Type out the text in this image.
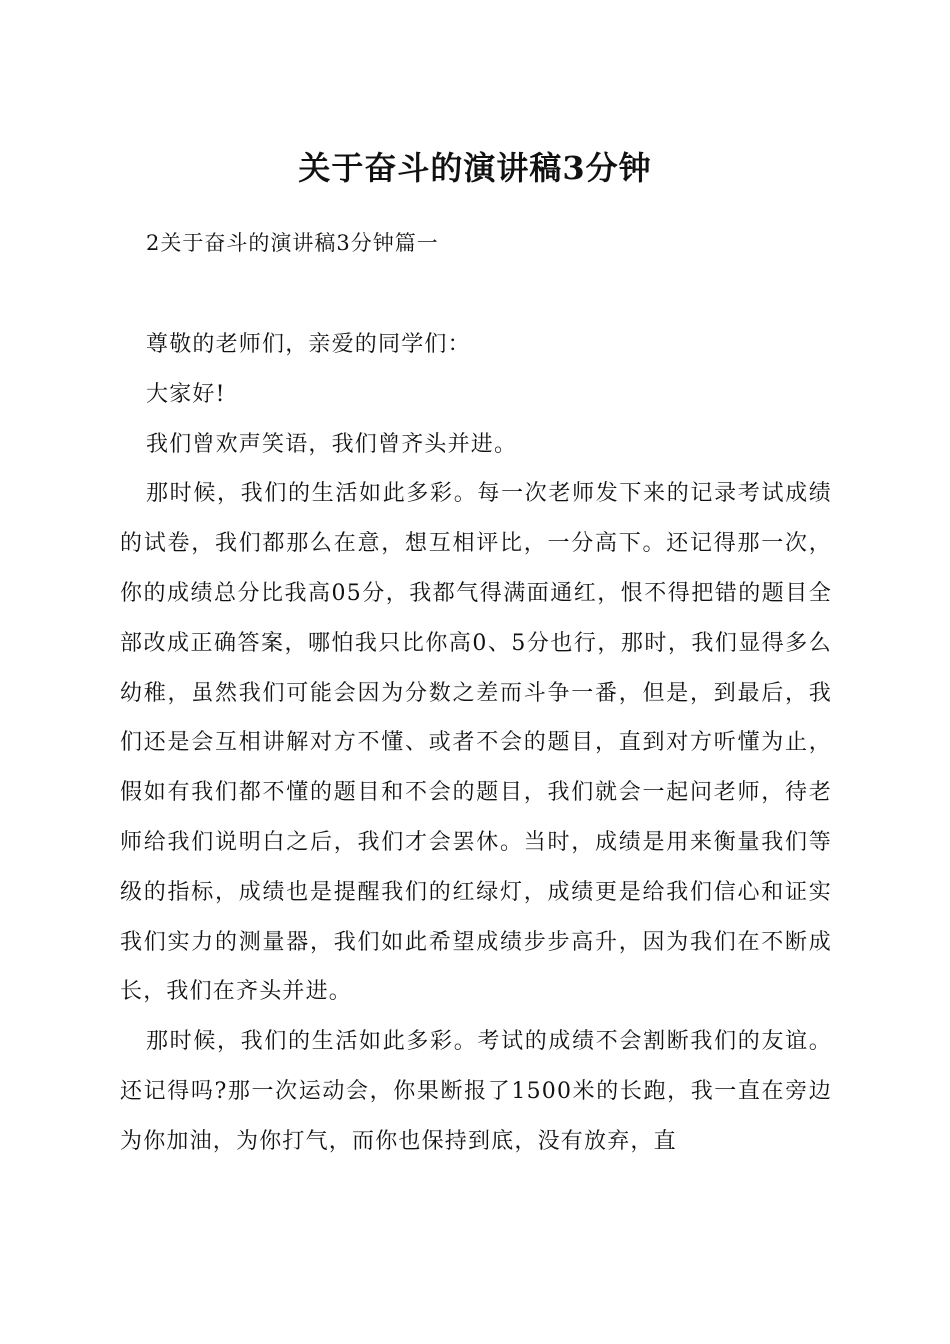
关于奋斗的演讲稿3分钟
2关于奋斗的演讲稿3分钟篇一

尊敬的老师们，亲爱的同学们：

大家好!

我们曾欢声笑语，我们曾齐头并进。

那时候，我们的生活如此多彩。每一次老师发下来的记录考试成绩的试卷，我们都那么在意，想互相评比，一分高下。还记得那一次，你的成绩总分比我高05分，我都气得满面通红，恨不得把错的题目全部改成正确答案，哪怕我只比你高0、5分也行，那时，我们显得多么幼稚，虽然我们可能会因为分数之差而斗争一番，但是，到最后，我们还是会互相讲解对方不懂、或者不会的题目，直到对方听懂为止，假如有我们都不懂的题目和不会的题目，我们就会一起问老师，待老师给我们说明白之后，我们才会罢休。当时，成绩是用来衡量我们等级的指标，成绩也是提醒我们的红绿灯，成绩更是给我们信心和证实我们实力的测量器，我们如此希望成绩步步高升，因为我们在不断成长，我们在齐头并进。

那时候，我们的生活如此多彩。考试的成绩不会割断我们的友谊。还记得吗?那一次运动会，你果断报了1500米的长跑，我一直在旁边为你加油，为你打气，而你也保持到底，没有放弃，直
